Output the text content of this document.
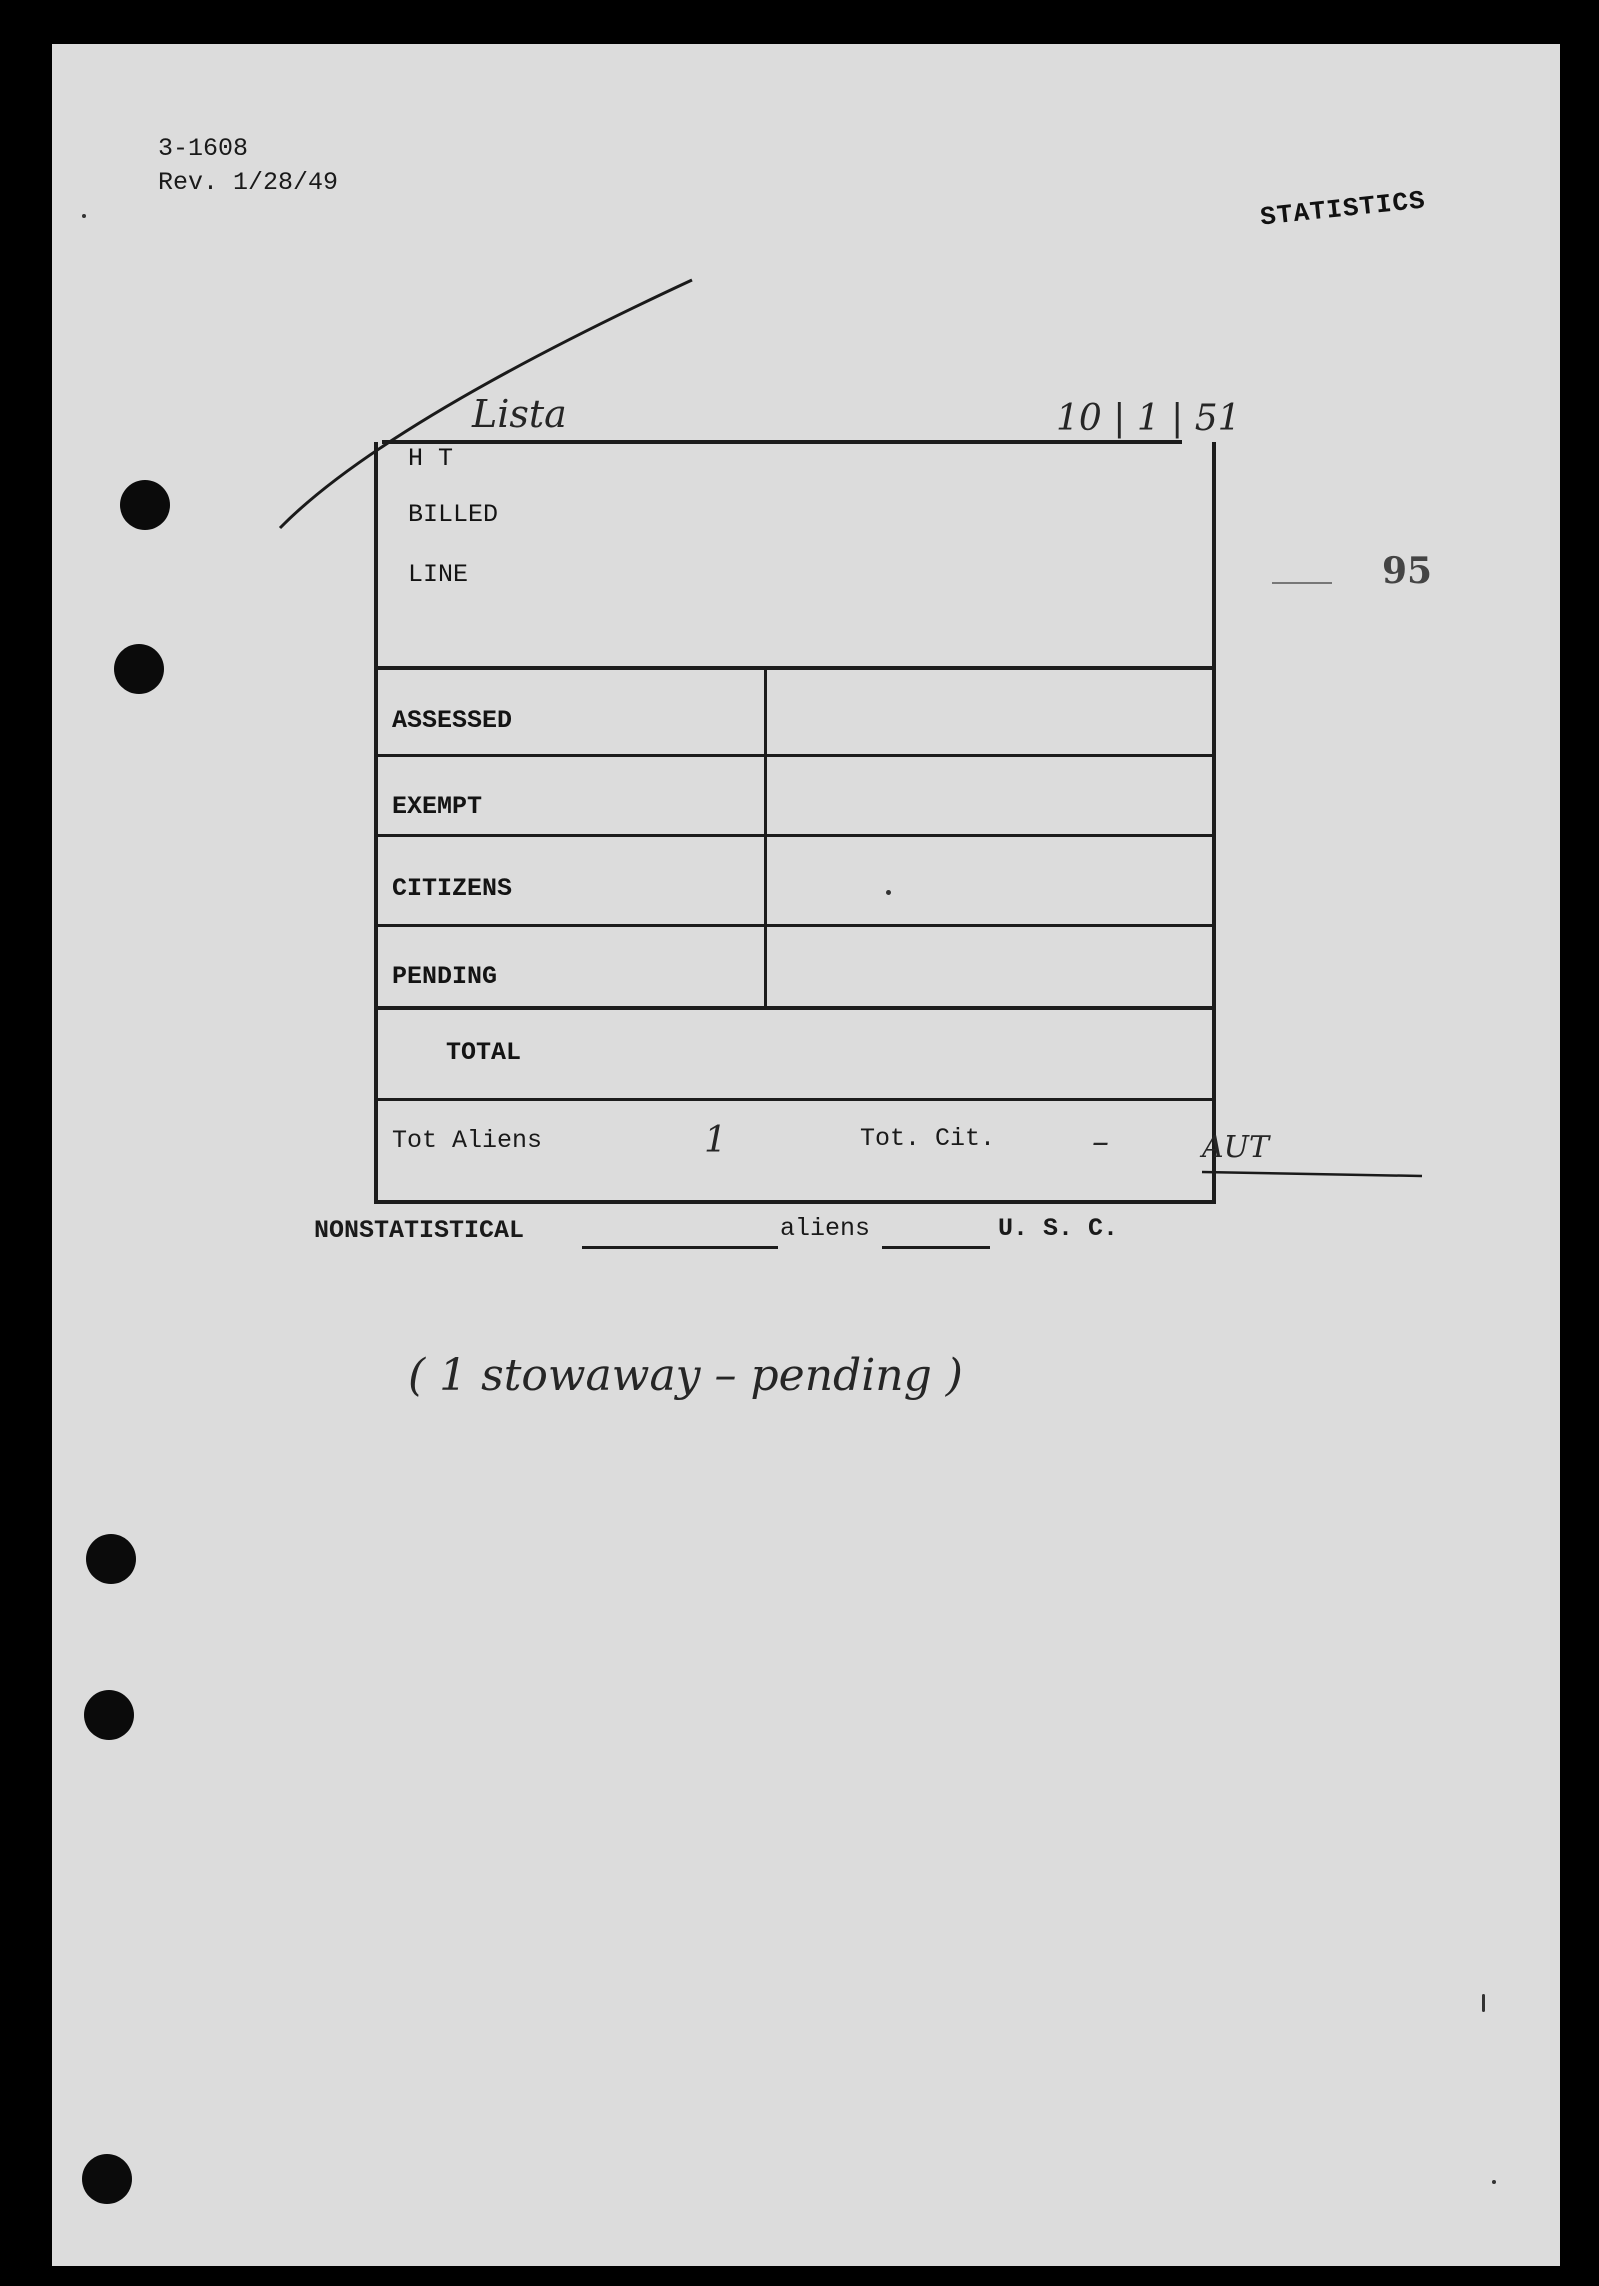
3-1608
Rev. 1/28/49
STATISTICS
Lista	10 | 1 | 51
95
H T
BILLED
LINE
ASSESSED
EXEMPT
CITIZENS
PENDING
TOTAL
Tot Aliens	1	Tot. Cit.	–	AUT
NONSTATISTICAL	aliens	U. S. C.
( 1 stowaway – pending )
